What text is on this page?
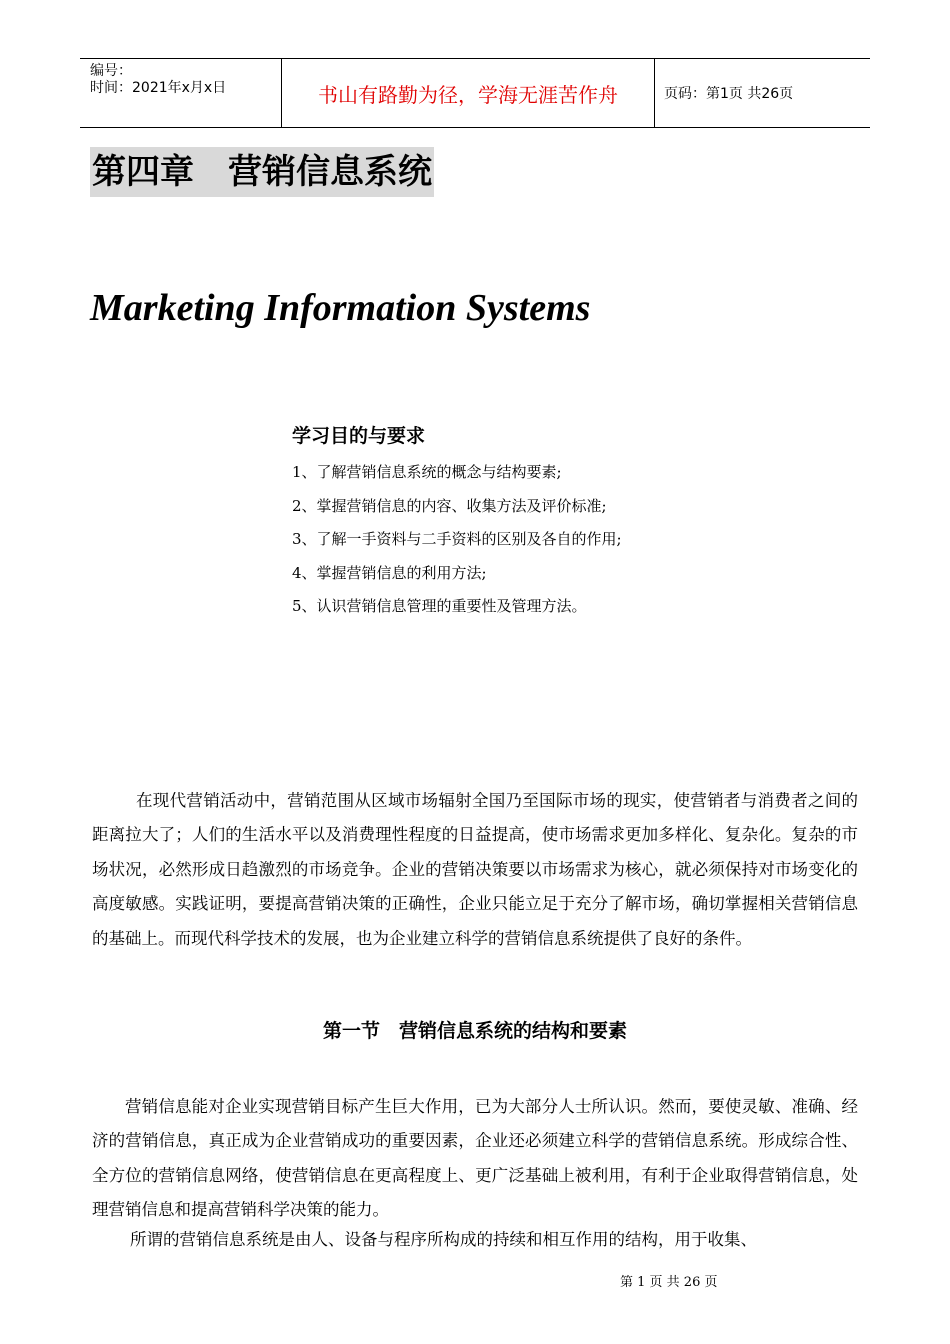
编号：
时间：2021年x月x日	书山有路勤为径，学海无涯苦作舟	页码：第1页 共26页
第四章　营销信息系统
Marketing Information Systems
学习目的与要求
1、了解营销信息系统的概念与结构要素;
2、掌握营销信息的内容、收集方法及评价标准;
3、了解一手资料与二手资料的区别及各自的作用;
4、掌握营销信息的利用方法;
5、认识营销信息管理的重要性及管理方法。

在现代营销活动中，营销范围从区域市场辐射全国乃至国际市场的现实，使营销者与消费者之间的距离拉大了；人们的生活水平以及消费理性程度的日益提高，使市场需求更加多样化、复杂化。复杂的市场状况，必然形成日趋激烈的市场竞争。企业的营销决策要以市场需求为核心，就必须保持对市场变化的高度敏感。实践证明，要提高营销决策的正确性，企业只能立足于充分了解市场，确切掌握相关营销信息的基础上。而现代科学技术的发展，也为企业建立科学的营销信息系统提供了良好的条件。

第一节　营销信息系统的结构和要素

营销信息能对企业实现营销目标产生巨大作用，已为大部分人士所认识。然而，要使灵敏、准确、经济的营销信息，真正成为企业营销成功的重要因素，企业还必须建立科学的营销信息系统。形成综合性、全方位的营销信息网络，使营销信息在更高程度上、更广泛基础上被利用，有利于企业取得营销信息，处理营销信息和提高营销科学决策的能力。

所谓的营销信息系统是由人、设备与程序所构成的持续和相互作用的结构，用于收集、

第 1 页 共 26 页
